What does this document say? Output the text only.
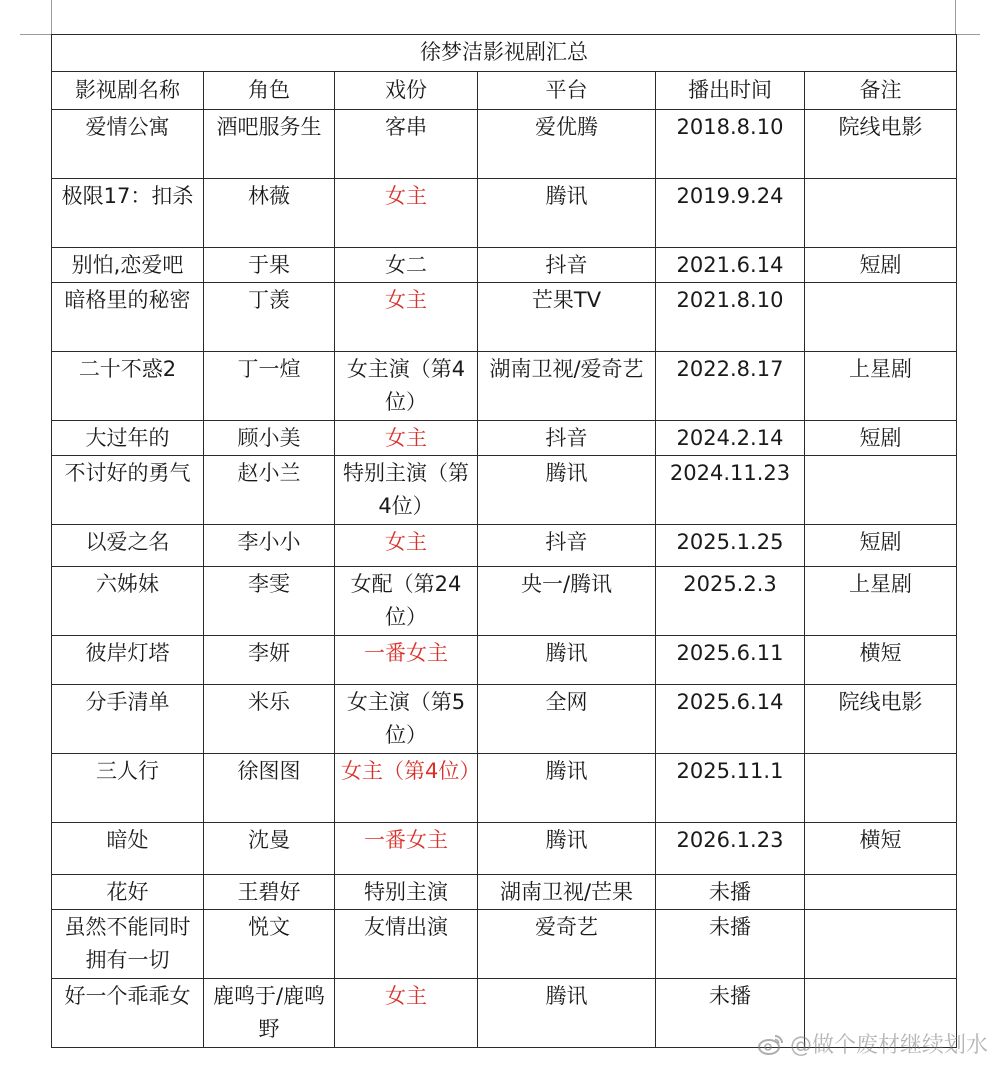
徐梦洁影视剧汇总					
影视剧名称	角色	戏份	平台	播出时间	备注
爱情公寓	酒吧服务生	客串	爱优腾	2018.8.10	院线电影
极限17：扣杀	林薇	女主	腾讯	2019.9.24	
别怕,恋爱吧	于果	女二	抖音	2021.6.14	短剧
暗格里的秘密	丁羡	女主	芒果TV	2021.8.10	
二十不惑2	丁一煊	女主演（第4位）	湖南卫视/爱奇艺	2022.8.17	上星剧
大过年的	顾小美	女主	抖音	2024.2.14	短剧
不讨好的勇气	赵小兰	特别主演（第4位）	腾讯	2024.11.23	
以爱之名	李小小	女主	抖音	2025.1.25	短剧
六姊妹	李雯	女配（第24位）	央一/腾讯	2025.2.3	上星剧
彼岸灯塔	李妍	一番女主	腾讯	2025.6.11	横短
分手清单	米乐	女主演（第5位）	全网	2025.6.14	院线电影
三人行	徐图图	女主（第4位）	腾讯	2025.11.1	
暗处	沈曼	一番女主	腾讯	2026.1.23	横短
花好	王碧好	特别主演	湖南卫视/芒果	未播	
虽然不能同时拥有一切	悦文	友情出演	爱奇艺	未播	
好一个乖乖女	鹿鸣于/鹿鸣野	女主	腾讯	未播	
@做个废材继续划水
